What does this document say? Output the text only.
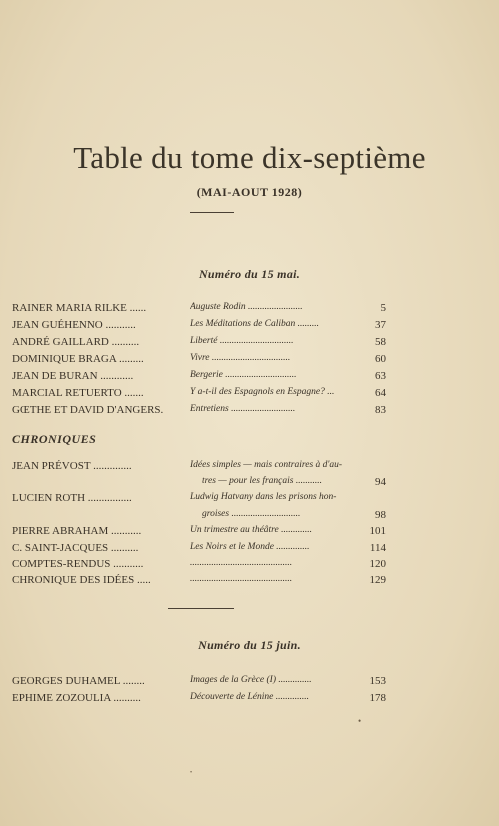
Table du tome dix-septième
(MAI-AOUT 1928)
Numéro du 15 mai.
RAINER MARIA RILKE ......	Auguste Rodin .......................	5
JEAN GUÉHENNO ...........	Les Méditations de Caliban .........	37
ANDRÉ GAILLARD ..........	Liberté ...............................	58
DOMINIQUE BRAGA .........	Vivre .................................	60
JEAN DE BURAN ............	Bergerie ..............................	63
MARCIAL RETUERTO .......	Y a-t-il des Espagnols en Espagne? ...	64
GŒTHE ET DAVID D'ANGERS.	Entretiens ...........................	83
CHRONIQUES
JEAN PRÉVOST ..............	Idées simples — mais contraires à d'au-
tres — pour les français ...........	94
LUCIEN ROTH ................	Ludwig Hatvany dans les prisons hon-
groises .............................	98
PIERRE ABRAHAM ...........	Un trimestre au théâtre .............	101
C. SAINT-JACQUES ..........	Les Noirs et le Monde ..............	114
COMPTES-RENDUS ...........	...........................................	120
CHRONIQUE DES IDÉES .....	...........................................	129
Numéro du 15 juin.
GEORGES DUHAMEL ........	Images de la Grèce (I) ..............	153
EPHIME ZOZOULIA ..........	Découverte de Lénine ..............	178
•
•
